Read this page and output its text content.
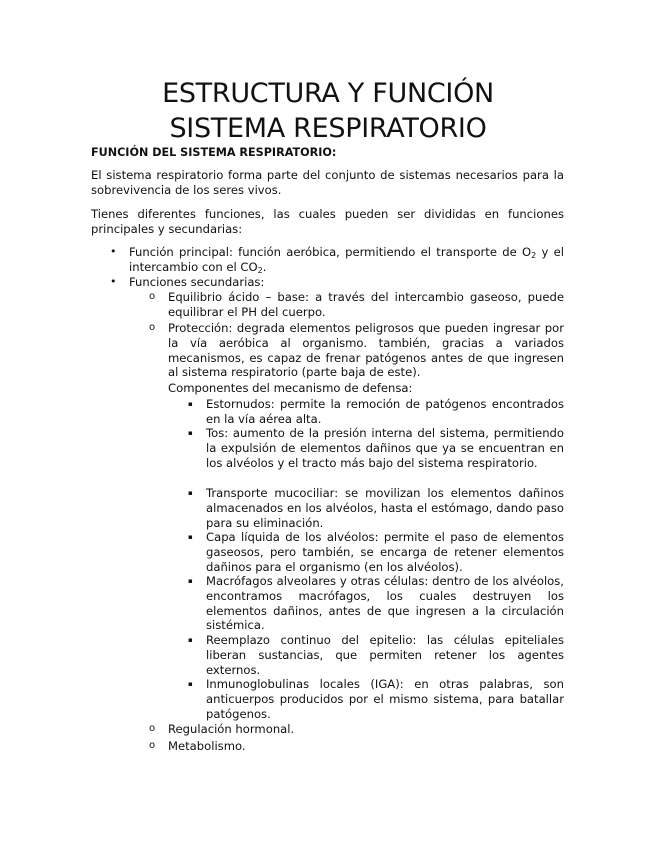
ESTRUCTURA Y FUNCIÓN
SISTEMA RESPIRATORIO

FUNCIÓN DEL SISTEMA RESPIRATORIO:

El sistema respiratorio forma parte del conjunto de sistemas necesarios para la sobrevivencia de los seres vivos.

Tienes diferentes funciones, las cuales pueden ser divididas en funciones principales y secundarias:

• Función principal: función aeróbica, permitiendo el transporte de $O_2$ y el intercambio con el $CO_2$.

• Funciones secundarias:

o Equilibrio ácido – base: a través del intercambio gaseoso, puede equilibrar el PH del cuerpo.

o Protección: degrada elementos peligrosos que pueden ingresar por la vía aeróbica al organismo. también, gracias a variados mecanismos, es capaz de frenar patógenos antes de que ingresen al sistema respiratorio (parte baja de este).

Componentes del mecanismo de defensa:

▪ Estornudos: permite la remoción de patógenos encontrados en la vía aérea alta.

▪ Tos: aumento de la presión interna del sistema, permitiendo la expulsión de elementos dañinos que ya se encuentran en los alvéolos y el tracto más bajo del sistema respiratorio.

▪ Transporte mucociliar: se movilizan los elementos dañinos almacenados en los alvéolos, hasta el estómago, dando paso para su eliminación.

▪ Capa líquida de los alvéolos: permite el paso de elementos gaseosos, pero también, se encarga de retener elementos dañinos para el organismo (en los alvéolos).

▪ Macrófagos alveolares y otras células: dentro de los alvéolos, encontramos macrófagos, los cuales destruyen los elementos dañinos, antes de que ingresen a la circulación sistémica.

▪ Reemplazo continuo del epitelio: las células epiteliales liberan sustancias, que permiten retener los agentes externos.

▪ Inmunoglobulinas locales (IGA): en otras palabras, son anticuerpos producidos por el mismo sistema, para batallar patógenos.

o Regulación hormonal.

o Metabolismo.
